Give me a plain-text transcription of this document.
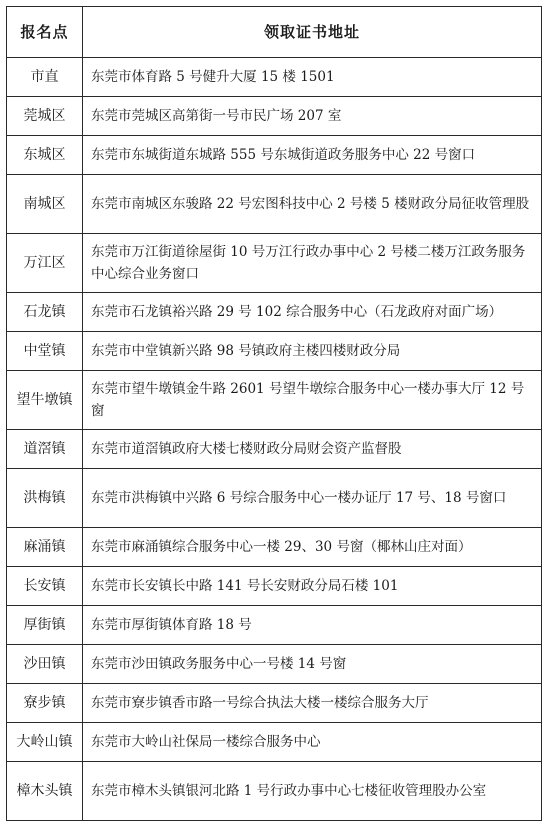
报名点	领取证书地址
市直	东莞市体育路 5 号健升大厦 15 楼 1501
莞城区	东莞市莞城区高第街一号市民广场 207 室
东城区	东莞市东城街道东城路 555 号东城街道政务服务中心 22 号窗口
南城区	东莞市南城区东骏路 22 号宏图科技中心 2 号楼 5 楼财政分局征收管理股
万江区	东莞市万江街道徐屋街 10 号万江行政办事中心 2 号楼二楼万江政务服务中心综合业务窗口
石龙镇	东莞市石龙镇裕兴路 29 号 102 综合服务中心（石龙政府对面广场）
中堂镇	东莞市中堂镇新兴路 98 号镇政府主楼四楼财政分局
望牛墩镇	东莞市望牛墩镇金牛路 2601 号望牛墩综合服务中心一楼办事大厅 12 号窗
道滘镇	东莞市道滘镇政府大楼七楼财政分局财会资产监督股
洪梅镇	东莞市洪梅镇中兴路 6 号综合服务中心一楼办证厅 17 号、18 号窗口
麻涌镇	东莞市麻涌镇综合服务中心一楼 29、30 号窗（椰林山庄对面）
长安镇	东莞市长安镇长中路 141 号长安财政分局石楼 101
厚街镇	东莞市厚街镇体育路 18 号
沙田镇	东莞市沙田镇政务服务中心一号楼 14 号窗
寮步镇	东莞市寮步镇香市路一号综合执法大楼一楼综合服务大厅
大岭山镇	东莞市大岭山社保局一楼综合服务中心
樟木头镇	东莞市樟木头镇银河北路 1 号行政办事中心七楼征收管理股办公室
